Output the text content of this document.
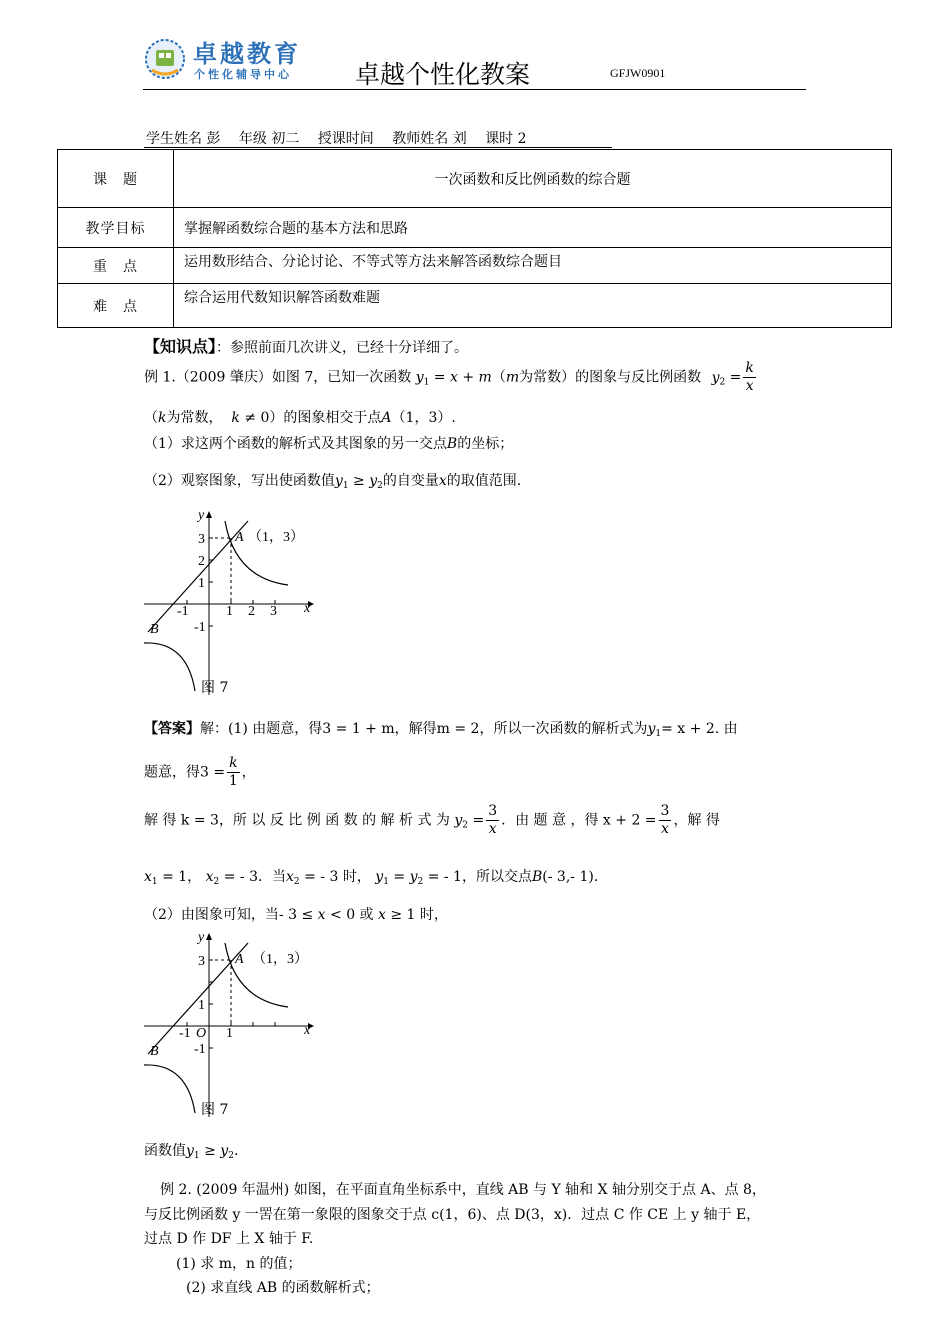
卓越教育
个性化辅导中心	卓越个性化教案	GFJW0901
学生姓名 彭 年级 初二 授课时间 教师姓名 刘 课时 2
课　题	一次函数和反比例函数的综合题
教学目标	掌握解函数综合题的基本方法和思路
重　点	运用数形结合、分论讨论、不等式等方法来解答函数综合题目
难　点	综合运用代数知识解答函数难题
【知识点】：参照前面几次讲义，已经十分详细了。
例 1.（2009 肇庆）如图 7，已知一次函数 $y_1 = x + m(m$为常数）的图象与反比例函数 $y_2 = \frac{k}{x}$
（k为常数， k ≠ 0）的图象相交于点A（1，3）.
（1）求这两个函数的解析式及其图象的另一交点B的坐标；
（2）观察图象，写出使函数值$y_1 \ge y_2$的自变量x的取值范围.
y
x
A （1，3）
B
-1	1 2 3
3
2
1
-1
图 7
【答案】解：(1) 由题意，得3 = 1 + m，解得m = 2，所以一次函数的解析式为$y_1= x + 2$. 由
题意，得$3 = \frac{k}{1}$ ，
解 得 k = 3，所 以 反 比 例 函 数 的 解 析 式 为 $y_2 = \frac{3}{x}$ ．由 题 意 ，得 $x + 2 = \frac{3}{x}$ ，解 得
$x_1 = 1$， $x_2$ = - 3．当$x_2$ = - 3 时， $y_1 = y_2$ = - 1，所以交点B(- 3,- 1).
（2）由图象可知，当- 3 ≤ x < 0 或 x ≥ 1 时，
y
x
A （1，3）
B
O
-1	1
3
1
-1
图 7
函数值$y_1 \ge y_2$.
例 2. (2009 年温州) 如图，在平面直角坐标系中，直线 AB 与 Y 轴和 X 轴分别交于点 A、点 8，
与反比例函数 y 一罟在第一象限的图象交于点 c(1，6)、点 D(3，x)．过点 C 作 CE 上 y 轴于 E，
过点 D 作 DF 上 X 轴于 F.
(1) 求 m，n 的值；
(2) 求直线 AB 的函数解析式；
